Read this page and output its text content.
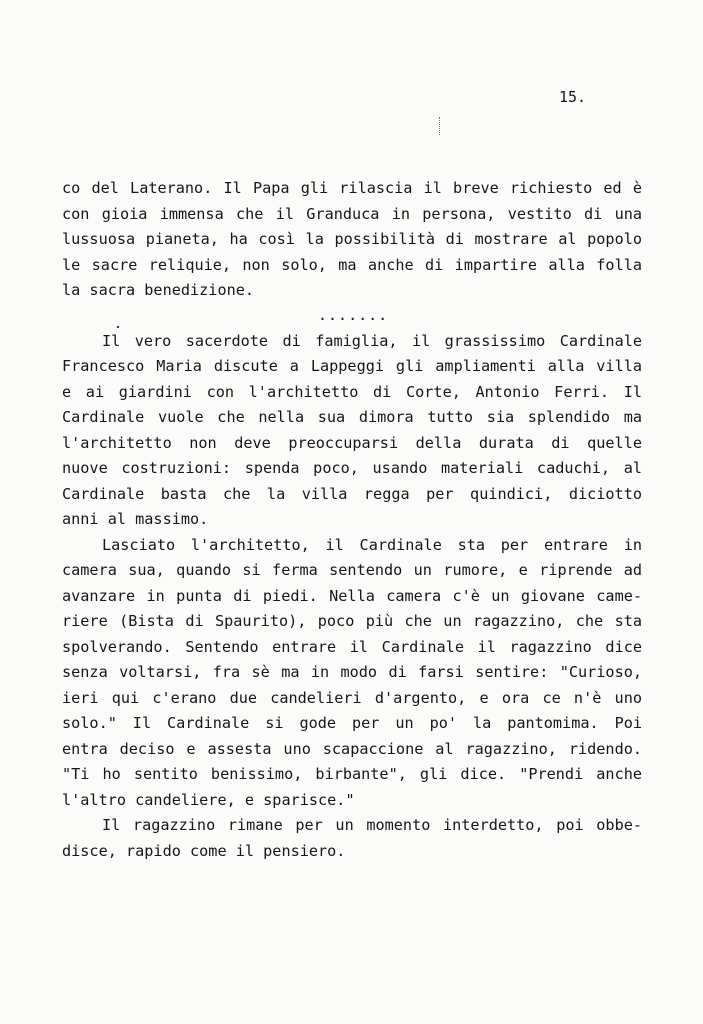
15.
co del Laterano. Il Papa gli rilascia il breve richiesto ed è
con gioia immensa che il Granduca in persona, vestito di una
lussuosa pianeta, ha così la possibilità di mostrare al popolo
le sacre reliquie, non solo, ma anche di impartire alla folla
la sacra benedizione.
.......
Il vero sacerdote di famiglia, il grassissimo Cardinale
Francesco Maria discute a Lappeggi gli ampliamenti alla villa
e ai giardini con l'architetto di Corte, Antonio Ferri. Il
Cardinale vuole che nella sua dimora tutto sia splendido ma
l'architetto non deve preoccuparsi della durata di quelle
nuove costruzioni: spenda poco, usando materiali caduchi, al
Cardinale basta che la villa regga per quindici, diciotto
anni al massimo.
Lasciato l'architetto, il Cardinale sta per entrare in
camera sua, quando si ferma sentendo un rumore, e riprende ad
avanzare in punta di piedi. Nella camera c'è un giovane came-
riere (Bista di Spaurito), poco più che un ragazzino, che sta
spolverando. Sentendo entrare il Cardinale il ragazzino dice
senza voltarsi, fra sè ma in modo di farsi sentire: "Curioso,
ieri qui c'erano due candelieri d'argento, e ora ce n'è uno
solo." Il Cardinale si gode per un po' la pantomima. Poi
entra deciso e assesta uno scapaccione al ragazzino, ridendo.
"Ti ho sentito benissimo, birbante", gli dice. "Prendi anche
l'altro candeliere, e sparisce."
Il ragazzino rimane per un momento interdetto, poi obbe-
disce, rapido come il pensiero.
